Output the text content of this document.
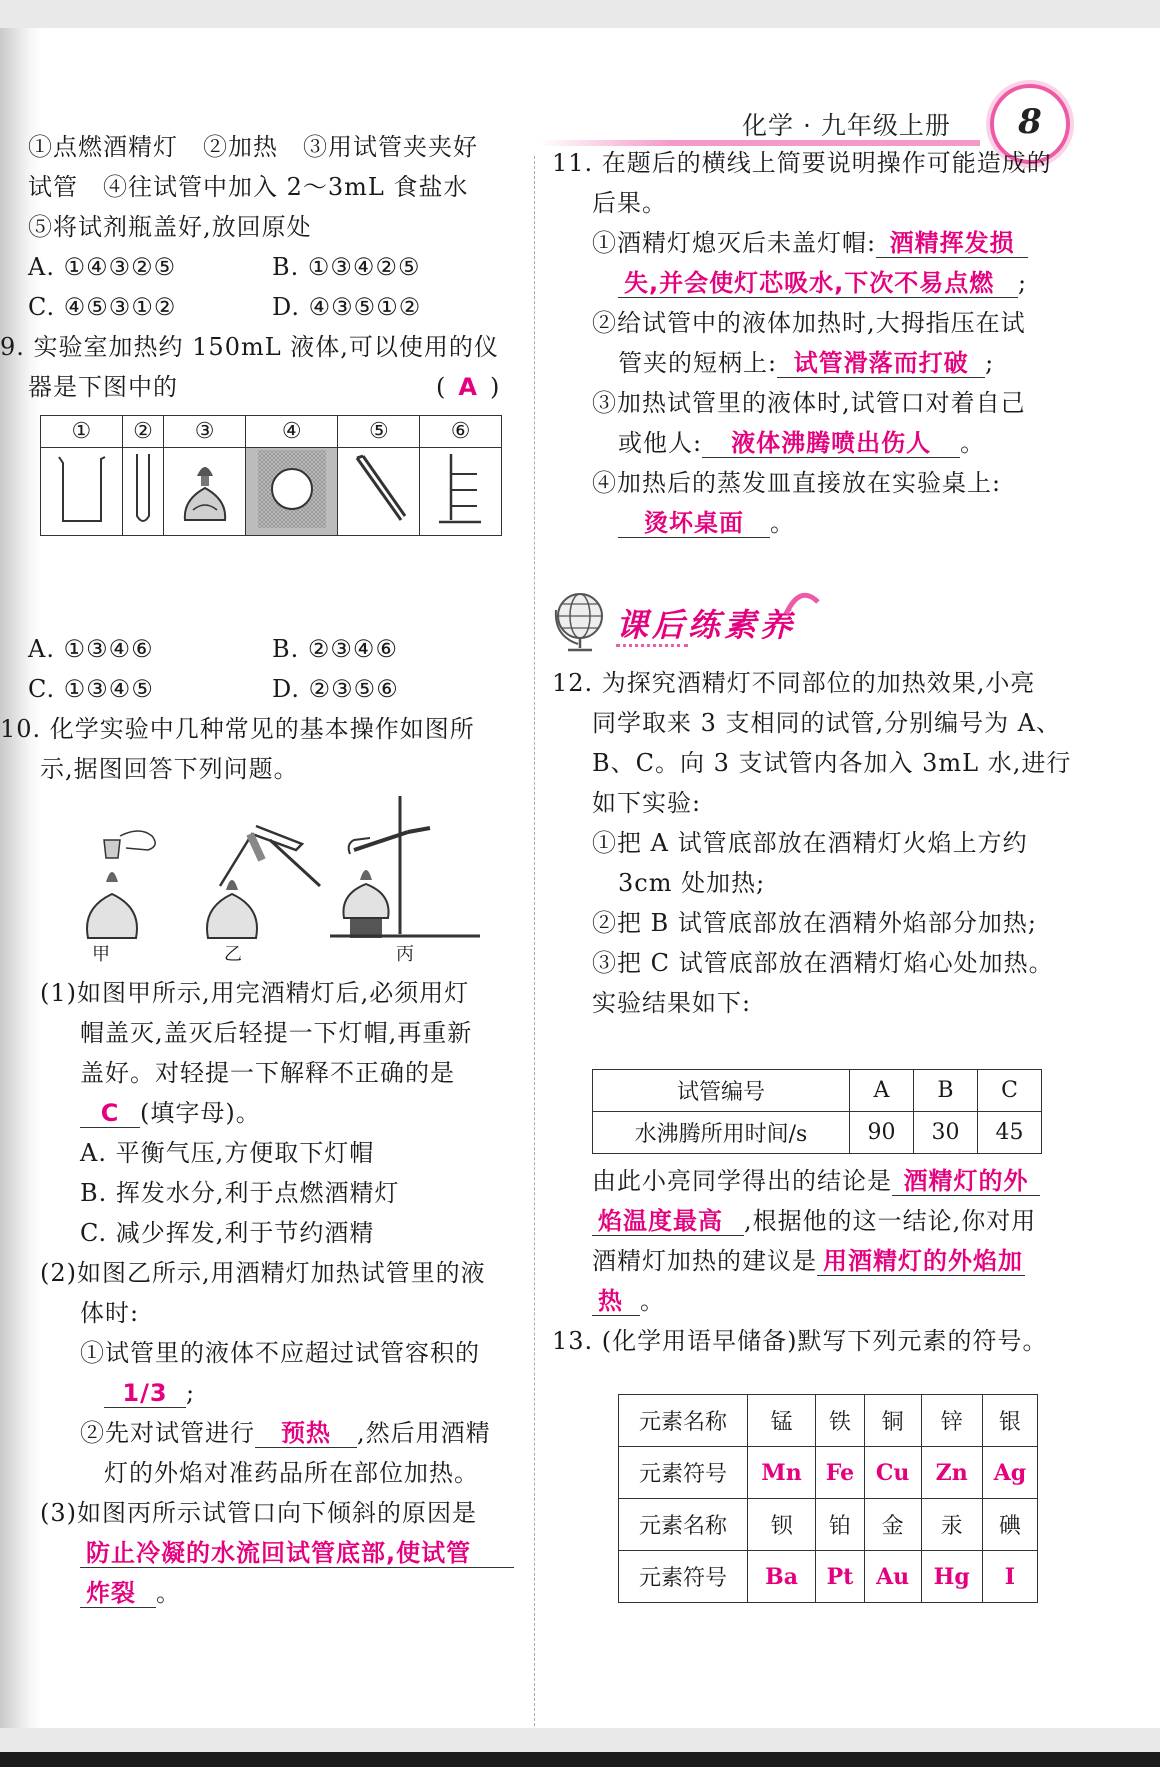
化学 · 九年级上册	8
①点燃酒精灯　②加热　③用试管夹夹好
试管　④往试管中加入 2～3mL 食盐水
⑤将试剂瓶盖好,放回原处
A. ①④③②⑤	B. ①③④②⑤
C. ④⑤③①②	D. ④③⑤①②
9. 实验室加热约 150mL 液体,可以使用的仪
器是下图中的	( A )
①	②	③	④	⑤	⑥

A. ①③④⑥	B. ②③④⑥
C. ①③④⑤	D. ②③⑤⑥
10. 化学实验中几种常见的基本操作如图所
示,据图回答下列问题。
甲	乙	丙
(1)如图甲所示,用完酒精灯后,必须用灯
帽盖灭,盖灭后轻提一下灯帽,再重新
盖好。对轻提一下解释不正确的是
C (填字母)。
A. 平衡气压,方便取下灯帽
B. 挥发水分,利于点燃酒精灯
C. 减少挥发,利于节约酒精
(2)如图乙所示,用酒精灯加热试管里的液
体时:
①试管里的液体不应超过试管容积的
1/3 ;
②先对试管进行 预热 ,然后用酒精
灯的外焰对准药品所在部位加热。
(3)如图丙所示试管口向下倾斜的原因是
防止冷凝的水流回试管底部,使试管
炸裂 。
11. 在题后的横线上简要说明操作可能造成的
后果。
①酒精灯熄灭后未盖灯帽: 酒精挥发损
失,并会使灯芯吸水,下次不易点燃 ;
②给试管中的液体加热时,大拇指压在试
管夹的短柄上: 试管滑落而打破 ;
③加热试管里的液体时,试管口对着自己
或他人: 液体沸腾喷出伤人 。
④加热后的蒸发皿直接放在实验桌上:
烫坏桌面 。
课后练素养
12. 为探究酒精灯不同部位的加热效果,小亮
同学取来 3 支相同的试管,分别编号为 A、
B、C。向 3 支试管内各加入 3mL 水,进行
如下实验:
①把 A 试管底部放在酒精灯火焰上方约
3cm 处加热;
②把 B 试管底部放在酒精外焰部分加热;
③把 C 试管底部放在酒精灯焰心处加热。
实验结果如下:
试管编号	A	B	C
水沸腾所用时间/s	90	30	45
由此小亮同学得出的结论是 酒精灯的外
焰温度最高 ,根据他的这一结论,你对用
酒精灯加热的建议是 用酒精灯的外焰加
热 。
13. (化学用语早储备)默写下列元素的符号。
元素名称	锰	铁	铜	锌	银
元素符号	Mn	Fe	Cu	Zn	Ag
元素名称	钡	铂	金	汞	碘
元素符号	Ba	Pt	Au	Hg	I
